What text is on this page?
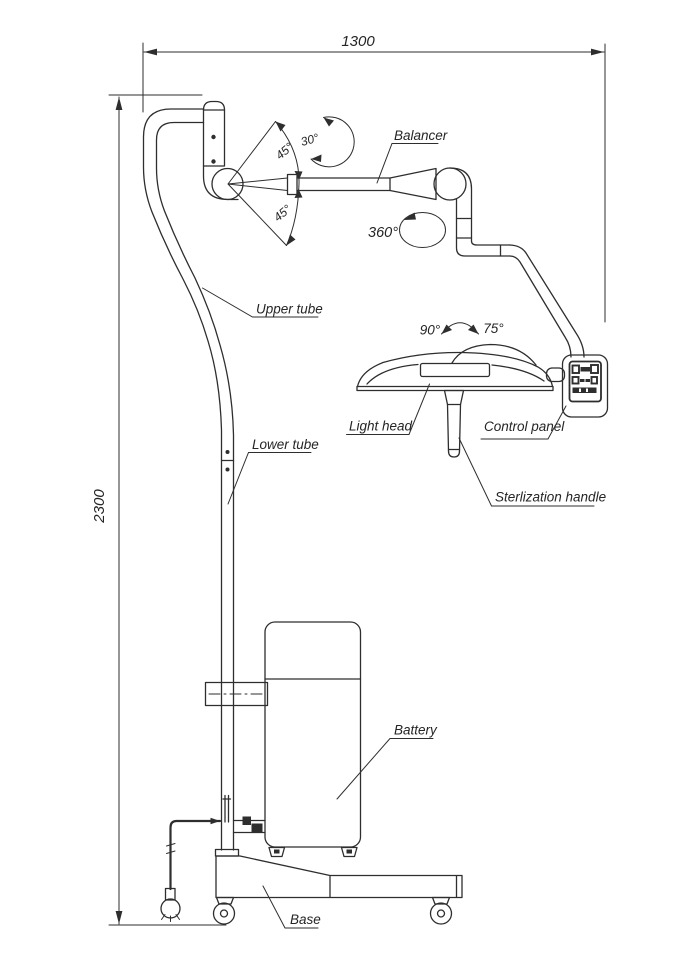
1300
2300
45°
45°
30°
360°
90°	75°
Balancer
Upper tube
Lower tube
Light head	Control panel
Sterlization handle
Battery
Base
